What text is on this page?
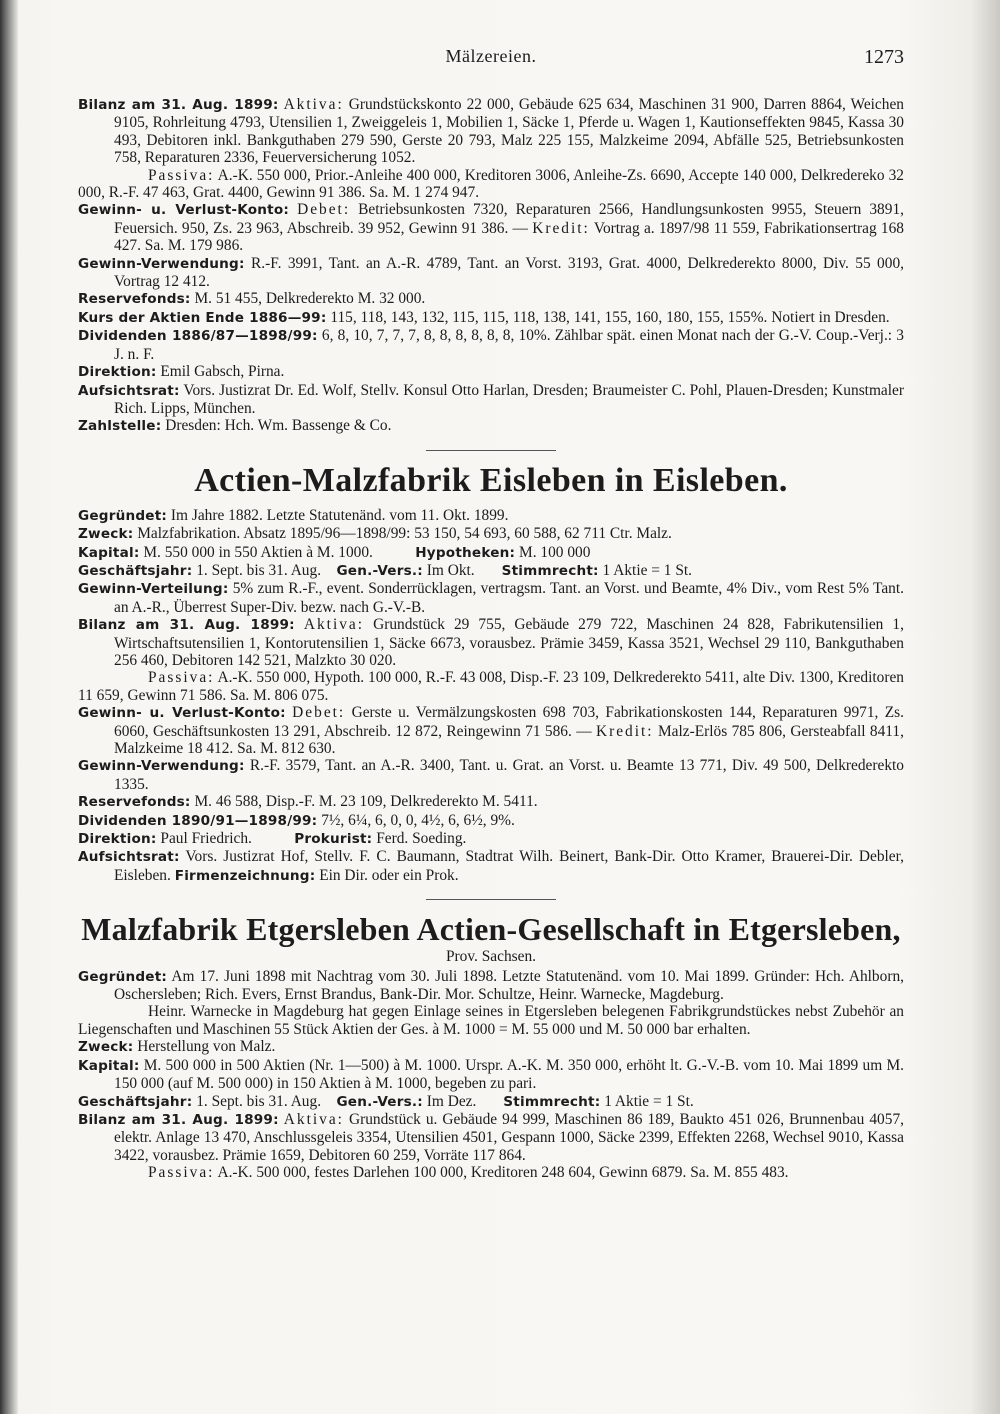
Mälzereien.	1273

Bilanz am 31. Aug. 1899: Aktiva: Grundstückskonto 22 000, Gebäude 625 634, Maschinen 31 900, Darren 8864, Weichen 9105, Rohrleitung 4793, Utensilien 1, Zweiggeleis 1, Mobilien 1, Säcke 1, Pferde u. Wagen 1, Kautionseffekten 9845, Kassa 30 493, Debitoren inkl. Bankguthaben 279 590, Gerste 20 793, Malz 225 155, Malzkeime 2094, Abfälle 525, Betriebsunkosten 758, Reparaturen 2336, Feuerversicherung 1052.

Passiva: A.-K. 550 000, Prior.-Anleihe 400 000, Kreditoren 3006, Anleihe-Zs. 6690, Accepte 140 000, Delkredereko 32 000, R.-F. 47 463, Grat. 4400, Gewinn 91 386. Sa. M. 1 274 947.

Gewinn- u. Verlust-Konto: Debet: Betriebsunkosten 7320, Reparaturen 2566, Handlungsunkosten 9955, Steuern 3891, Feuersich. 950, Zs. 23 963, Abschreib. 39 952, Gewinn 91 386. — Kredit: Vortrag a. 1897/98 11 559, Fabrikationsertrag 168 427. Sa. M. 179 986.

Gewinn-Verwendung: R.-F. 3991, Tant. an A.-R. 4789, Tant. an Vorst. 3193, Grat. 4000, Delkrederekto 8000, Div. 55 000, Vortrag 12 412.

Reservefonds: M. 51 455, Delkrederekto M. 32 000.

Kurs der Aktien Ende 1886—99: 115, 118, 143, 132, 115, 115, 118, 138, 141, 155, 160, 180, 155, 155%. Notiert in Dresden.

Dividenden 1886/87—1898/99: 6, 8, 10, 7, 7, 7, 8, 8, 8, 8, 8, 8, 10%. Zählbar spät. einen Monat nach der G.-V. Coup.-Verj.: 3 J. n. F.

Direktion: Emil Gabsch, Pirna.

Aufsichtsrat: Vors. Justizrat Dr. Ed. Wolf, Stellv. Konsul Otto Harlan, Dresden; Braumeister C. Pohl, Plauen-Dresden; Kunstmaler Rich. Lipps, München.

Zahlstelle: Dresden: Hch. Wm. Bassenge & Co.

Actien-Malzfabrik Eisleben in Eisleben.

Gegründet: Im Jahre 1882. Letzte Statutenänd. vom 11. Okt. 1899.

Zweck: Malzfabrikation. Absatz 1895/96—1898/99: 53 150, 54 693, 60 588, 62 711 Ctr. Malz.

Kapital: M. 550 000 in 550 Aktien à M. 1000.	Hypotheken: M. 100 000

Geschäftsjahr: 1. Sept. bis 31. Aug. Gen.-Vers.: Im Okt. Stimmrecht: 1 Aktie = 1 St.

Gewinn-Verteilung: 5% zum R.-F., event. Sonderrücklagen, vertragsm. Tant. an Vorst. und Beamte, 4% Div., vom Rest 5% Tant. an A.-R., Überrest Super-Div. bezw. nach G.-V.-B.

Bilanz am 31. Aug. 1899: Aktiva: Grundstück 29 755, Gebäude 279 722, Maschinen 24 828, Fabrikutensilien 1, Wirtschaftsutensilien 1, Kontorutensilien 1, Säcke 6673, vorausbez. Prämie 3459, Kassa 3521, Wechsel 29 110, Bankguthaben 256 460, Debitoren 142 521, Malzkto 30 020.

Passiva: A.-K. 550 000, Hypoth. 100 000, R.-F. 43 008, Disp.-F. 23 109, Delkrederekto 5411, alte Div. 1300, Kreditoren 11 659, Gewinn 71 586. Sa. M. 806 075.

Gewinn- u. Verlust-Konto: Debet: Gerste u. Vermälzungskosten 698 703, Fabrikationskosten 144, Reparaturen 9971, Zs. 6060, Geschäftsunkosten 13 291, Abschreib. 12 872, Reingewinn 71 586. — Kredit: Malz-Erlös 785 806, Gersteabfall 8411, Malzkeime 18 412. Sa. M. 812 630.

Gewinn-Verwendung: R.-F. 3579, Tant. an A.-R. 3400, Tant. u. Grat. an Vorst. u. Beamte 13 771, Div. 49 500, Delkrederekto 1335.

Reservefonds: M. 46 588, Disp.-F. M. 23 109, Delkrederekto M. 5411.

Dividenden 1890/91—1898/99: 7½, 6¼, 6, 0, 0, 4½, 6, 6½, 9%.

Direktion: Paul Friedrich.	Prokurist: Ferd. Soeding.

Aufsichtsrat: Vors. Justizrat Hof, Stellv. F. C. Baumann, Stadtrat Wilh. Beinert, Bank-Dir. Otto Kramer, Brauerei-Dir. Debler, Eisleben. Firmenzeichnung: Ein Dir. oder ein Prok.

Malzfabrik Etgersleben Actien-Gesellschaft in Etgersleben,
Prov. Sachsen.

Gegründet: Am 17. Juni 1898 mit Nachtrag vom 30. Juli 1898. Letzte Statutenänd. vom 10. Mai 1899. Gründer: Hch. Ahlborn, Oschersleben; Rich. Evers, Ernst Brandus, Bank-Dir. Mor. Schultze, Heinr. Warnecke, Magdeburg.

Heinr. Warnecke in Magdeburg hat gegen Einlage seines in Etgersleben belegenen Fabrikgrundstückes nebst Zubehör an Liegenschaften und Maschinen 55 Stück Aktien der Ges. à M. 1000 = M. 55 000 und M. 50 000 bar erhalten.

Zweck: Herstellung von Malz.

Kapital: M. 500 000 in 500 Aktien (Nr. 1—500) à M. 1000. Urspr. A.-K. M. 350 000, erhöht lt. G.-V.-B. vom 10. Mai 1899 um M. 150 000 (auf M. 500 000) in 150 Aktien à M. 1000, begeben zu pari.

Geschäftsjahr: 1. Sept. bis 31. Aug. Gen.-Vers.: Im Dez. Stimmrecht: 1 Aktie = 1 St.

Bilanz am 31. Aug. 1899: Aktiva: Grundstück u. Gebäude 94 999, Maschinen 86 189, Baukto 451 026, Brunnenbau 4057, elektr. Anlage 13 470, Anschlussgeleis 3354, Utensilien 4501, Gespann 1000, Säcke 2399, Effekten 2268, Wechsel 9010, Kassa 3422, vorausbez. Prämie 1659, Debitoren 60 259, Vorräte 117 864.

Passiva: A.-K. 500 000, festes Darlehen 100 000, Kreditoren 248 604, Gewinn 6879. Sa. M. 855 483.
